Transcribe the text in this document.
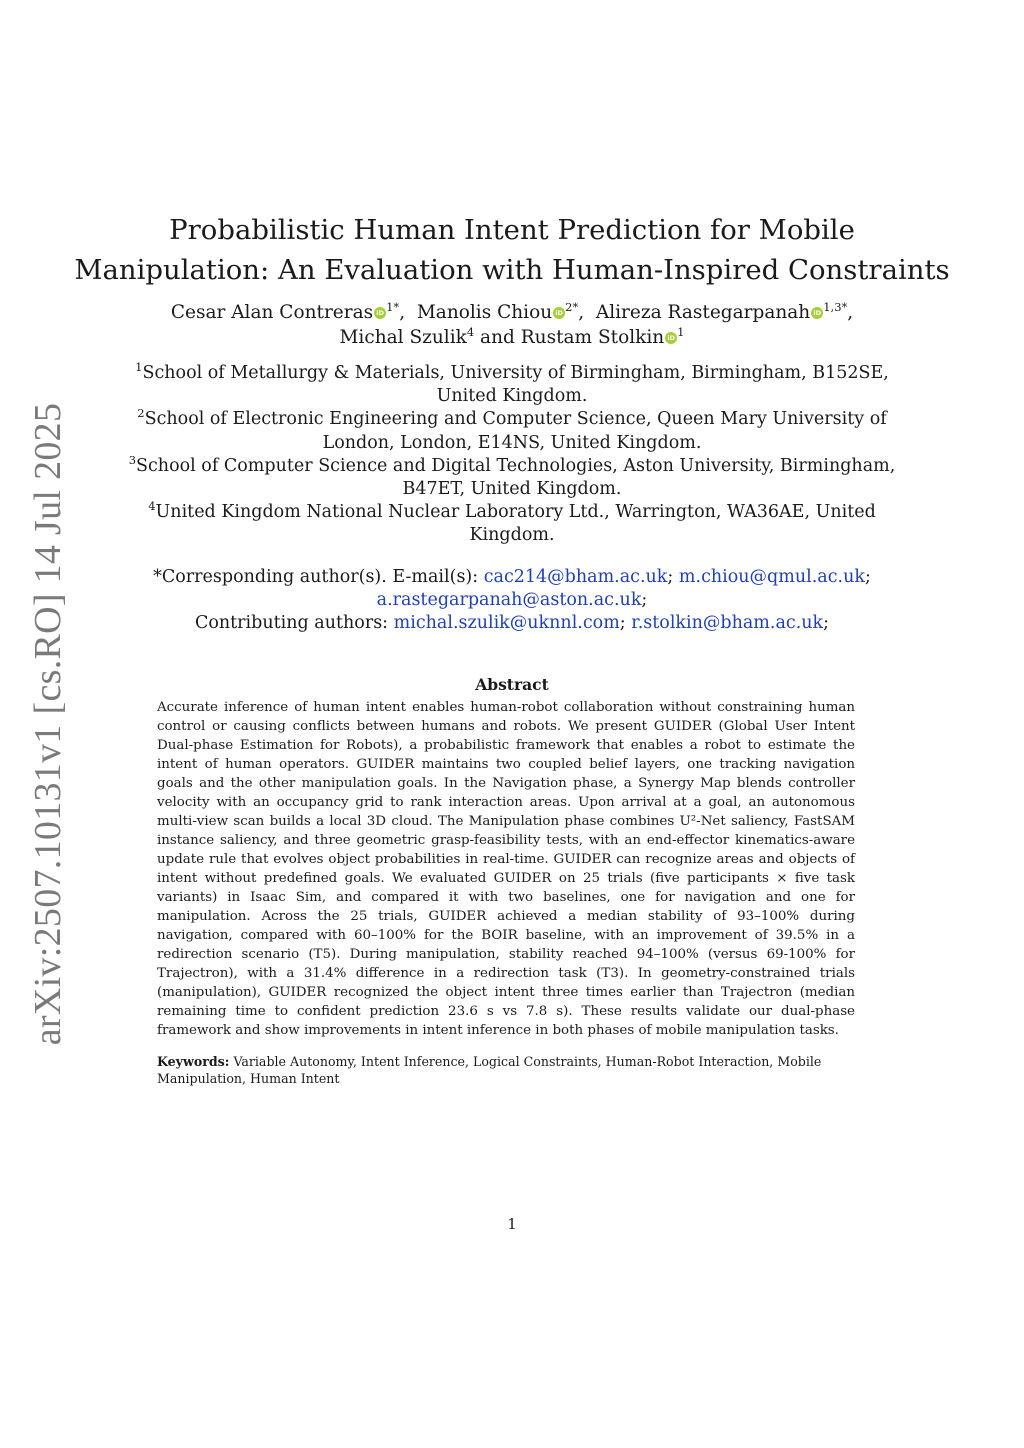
arXiv:2507.10131v1 [cs.RO] 14 Jul 2025
Probabilistic Human Intent Prediction for Mobile
Manipulation: An Evaluation with Human-Inspired Constraints
Cesar Alan Contreras iD $^{1*}$, Manolis Chiou iD $^{2*}$, Alireza Rastegarpanah iD $^{1,3*}$,
Michal Szulik$^4$ and Rustam Stolkin iD $^1$
$^1$School of Metallurgy & Materials, University of Birmingham, Birmingham, B152SE,
United Kingdom.
$^2$School of Electronic Engineering and Computer Science, Queen Mary University of
London, London, E14NS, United Kingdom.
$^3$School of Computer Science and Digital Technologies, Aston University, Birmingham,
B47ET, United Kingdom.
$^4$United Kingdom National Nuclear Laboratory Ltd., Warrington, WA36AE, United
Kingdom.
*Corresponding author(s). E-mail(s): cac214@bham.ac.uk; m.chiou@qmul.ac.uk;
a.rastegarpanah@aston.ac.uk;
Contributing authors: michal.szulik@uknnl.com; r.stolkin@bham.ac.uk;
Abstract
Accurate inference of human intent enables human-robot collaboration without constraining human control or causing conflicts between humans and robots. We present GUIDER (Global User Intent Dual-phase Estimation for Robots), a probabilistic framework that enables a robot to estimate the intent of human operators. GUIDER maintains two coupled belief layers, one tracking navigation goals and the other manipulation goals. In the Navigation phase, a Synergy Map blends controller velocity with an occupancy grid to rank interaction areas. Upon arrival at a goal, an autonomous multi-view scan builds a local 3D cloud. The Manipulation phase combines U²-Net saliency, FastSAM instance saliency, and three geometric grasp-feasibility tests, with an end-effector kinematics-aware update rule that evolves object probabilities in real-time. GUIDER can recognize areas and objects of intent without predefined goals. We evaluated GUIDER on 25 trials (five participants × five task variants) in Isaac Sim, and compared it with two baselines, one for navigation and one for manipulation. Across the 25 trials, GUIDER achieved a median stability of 93–100% during navigation, compared with 60–100% for the BOIR baseline, with an improvement of 39.5% in a redirection scenario (T5). During manipulation, stability reached 94–100% (versus 69-100% for Trajectron), with a 31.4% difference in a redirection task (T3). In geometry-constrained trials (manipulation), GUIDER recognized the object intent three times earlier than Trajectron (median remaining time to confident prediction 23.6 s vs 7.8 s). These results validate our dual-phase framework and show improvements in intent inference in both phases of mobile manipulation tasks.
Keywords: Variable Autonomy, Intent Inference, Logical Constraints, Human-Robot Interaction, Mobile Manipulation, Human Intent
1
